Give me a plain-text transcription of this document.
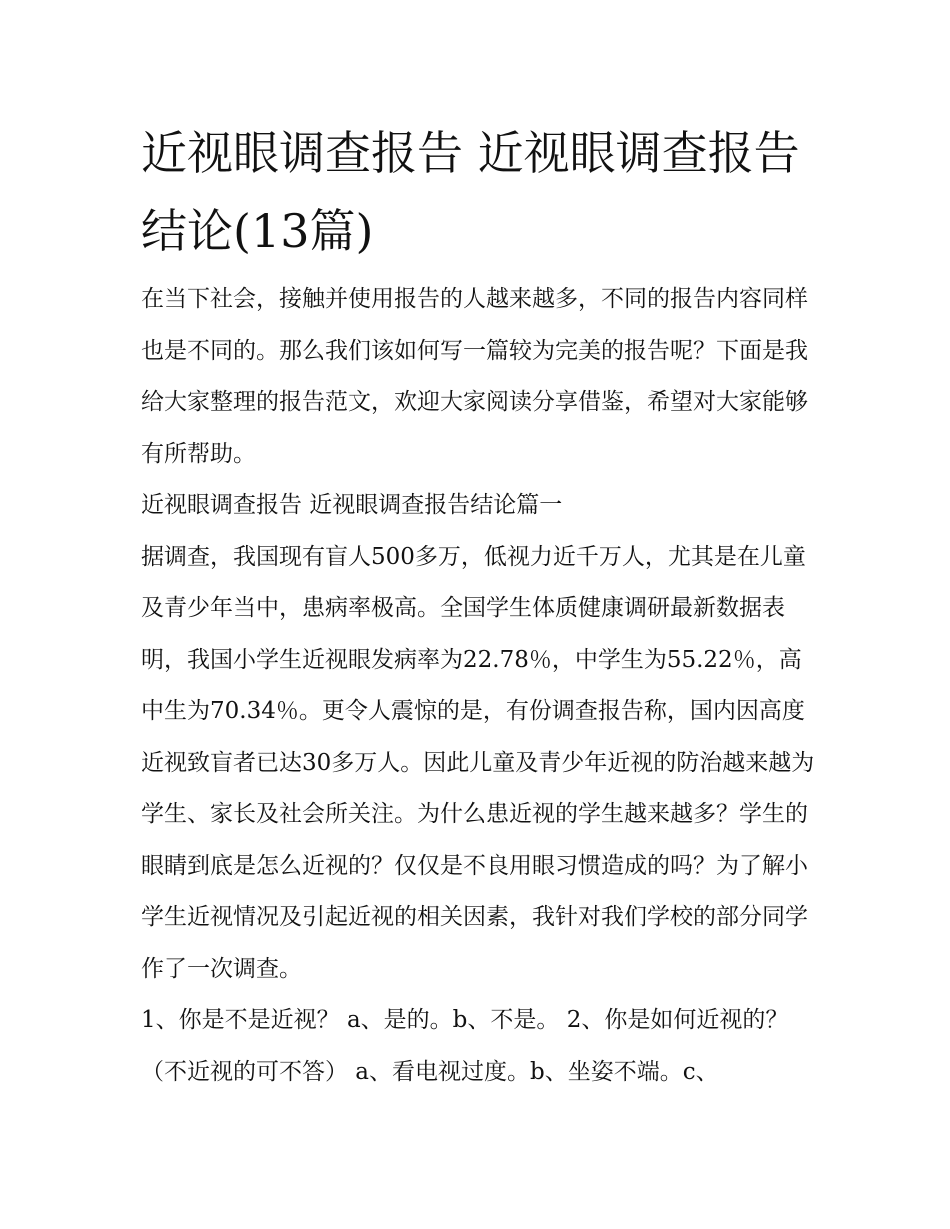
近视眼调查报告 近视眼调查报告结论(13篇)

在当下社会，接触并使用报告的人越来越多，不同的报告内容同样也是不同的。那么我们该如何写一篇较为完美的报告呢？下面是我给大家整理的报告范文，欢迎大家阅读分享借鉴，希望对大家能够有所帮助。

近视眼调查报告 近视眼调查报告结论篇一

据调查，我国现有盲人500多万，低视力近千万人，尤其是在儿童及青少年当中，患病率极高。全国学生体质健康调研最新数据表明，我国小学生近视眼发病率为22.78％，中学生为55.22％，高中生为70.34％。更令人震惊的是，有份调查报告称，国内因高度近视致盲者已达30多万人。因此儿童及青少年近视的防治越来越为学生、家长及社会所关注。为什么患近视的学生越来越多？学生的眼睛到底是怎么近视的？仅仅是不良用眼习惯造成的吗？为了解小学生近视情况及引起近视的相关因素，我针对我们学校的部分同学作了一次调查。

1、你是不是近视？ a、是的。b、不是。 2、你是如何近视的？（不近视的可不答） a、看电视过度。b、坐姿不端。c、
